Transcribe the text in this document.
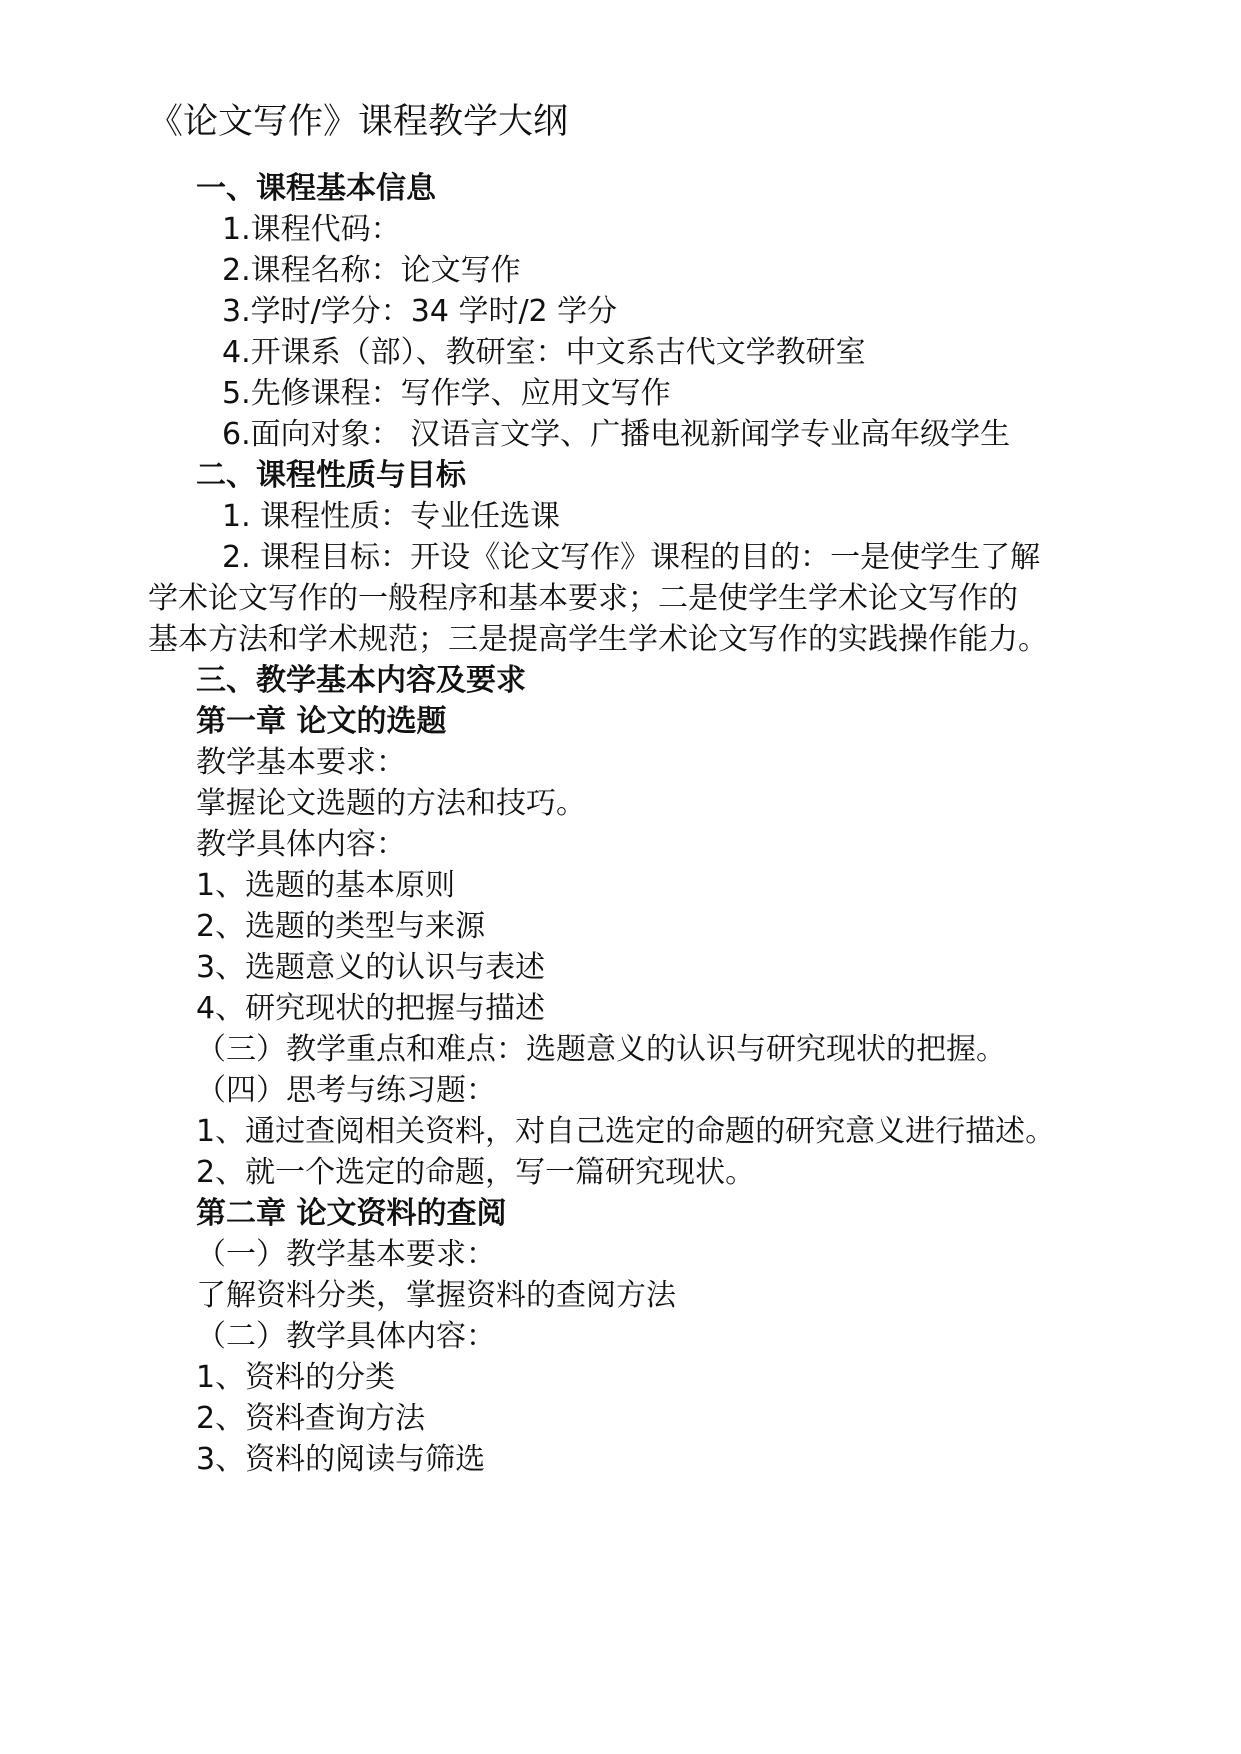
《论文写作》课程教学大纲
一、课程基本信息
1.课程代码：
2.课程名称：论文写作
3.学时/学分：34 学时/2 学分
4.开课系（部）、教研室：中文系古代文学教研室
5.先修课程：写作学、应用文写作
6.面向对象： 汉语言文学、广播电视新闻学专业高年级学生
二、课程性质与目标
1. 课程性质：专业任选课
2. 课程目标：开设《论文写作》课程的目的：一是使学生了解
学术论文写作的一般程序和基本要求；二是使学生学术论文写作的
基本方法和学术规范；三是提高学生学术论文写作的实践操作能力。
三、教学基本内容及要求
第一章 论文的选题
教学基本要求：
掌握论文选题的方法和技巧。
教学具体内容：
1、选题的基本原则
2、选题的类型与来源
3、选题意义的认识与表述
4、研究现状的把握与描述
（三）教学重点和难点：选题意义的认识与研究现状的把握。
（四）思考与练习题：
1、通过查阅相关资料，对自己选定的命题的研究意义进行描述。
2、就一个选定的命题，写一篇研究现状。
第二章 论文资料的查阅
（一）教学基本要求：
了解资料分类，掌握资料的查阅方法
（二）教学具体内容：
1、资料的分类
2、资料查询方法
3、资料的阅读与筛选
